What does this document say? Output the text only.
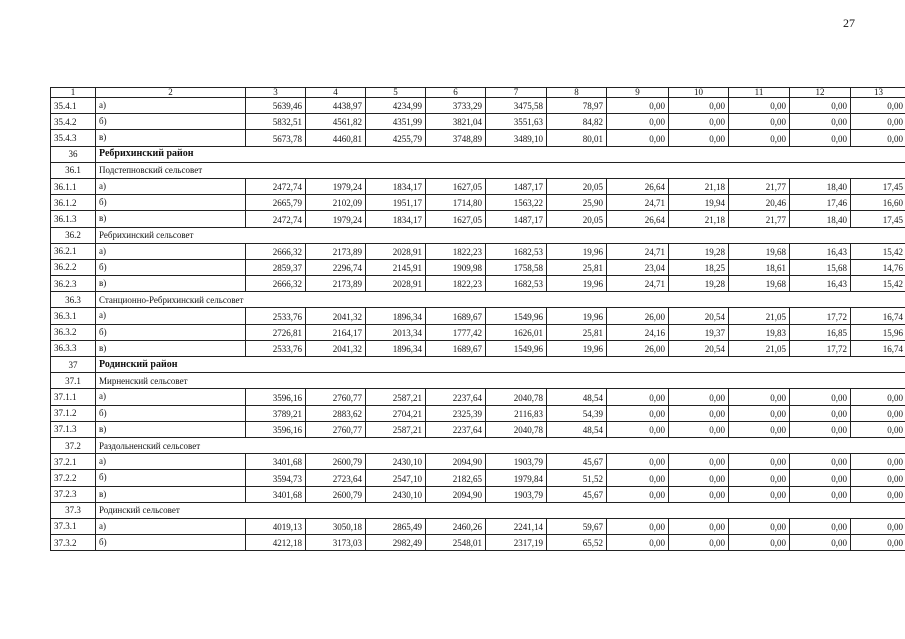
27
1	2	3	4	5	6	7	8	9	10	11	12	13
35.4.1	а)	5639,46	4438,97	4234,99	3733,29	3475,58	78,97	0,00	0,00	0,00	0,00	0,00
35.4.2	б)	5832,51	4561,82	4351,99	3821,04	3551,63	84,82	0,00	0,00	0,00	0,00	0,00
35.4.3	в)	5673,78	4460,81	4255,79	3748,89	3489,10	80,01	0,00	0,00	0,00	0,00	0,00
36	Ребрихинский район											
36.1	Подстепновский сельсовет											
36.1.1	а)	2472,74	1979,24	1834,17	1627,05	1487,17	20,05	26,64	21,18	21,77	18,40	17,45
36.1.2	б)	2665,79	2102,09	1951,17	1714,80	1563,22	25,90	24,71	19,94	20,46	17,46	16,60
36.1.3	в)	2472,74	1979,24	1834,17	1627,05	1487,17	20,05	26,64	21,18	21,77	18,40	17,45
36.2	Ребрихинский сельсовет											
36.2.1	а)	2666,32	2173,89	2028,91	1822,23	1682,53	19,96	24,71	19,28	19,68	16,43	15,42
36.2.2	б)	2859,37	2296,74	2145,91	1909,98	1758,58	25,81	23,04	18,25	18,61	15,68	14,76
36.2.3	в)	2666,32	2173,89	2028,91	1822,23	1682,53	19,96	24,71	19,28	19,68	16,43	15,42
36.3	Станционно-Ребрихинский сельсовет											
36.3.1	а)	2533,76	2041,32	1896,34	1689,67	1549,96	19,96	26,00	20,54	21,05	17,72	16,74
36.3.2	б)	2726,81	2164,17	2013,34	1777,42	1626,01	25,81	24,16	19,37	19,83	16,85	15,96
36.3.3	в)	2533,76	2041,32	1896,34	1689,67	1549,96	19,96	26,00	20,54	21,05	17,72	16,74
37	Родинский район											
37.1	Мирненский сельсовет											
37.1.1	а)	3596,16	2760,77	2587,21	2237,64	2040,78	48,54	0,00	0,00	0,00	0,00	0,00
37.1.2	б)	3789,21	2883,62	2704,21	2325,39	2116,83	54,39	0,00	0,00	0,00	0,00	0,00
37.1.3	в)	3596,16	2760,77	2587,21	2237,64	2040,78	48,54	0,00	0,00	0,00	0,00	0,00
37.2	Раздольненский сельсовет											
37.2.1	а)	3401,68	2600,79	2430,10	2094,90	1903,79	45,67	0,00	0,00	0,00	0,00	0,00
37.2.2	б)	3594,73	2723,64	2547,10	2182,65	1979,84	51,52	0,00	0,00	0,00	0,00	0,00
37.2.3	в)	3401,68	2600,79	2430,10	2094,90	1903,79	45,67	0,00	0,00	0,00	0,00	0,00
37.3	Родинский сельсовет											
37.3.1	а)	4019,13	3050,18	2865,49	2460,26	2241,14	59,67	0,00	0,00	0,00	0,00	0,00
37.3.2	б)	4212,18	3173,03	2982,49	2548,01	2317,19	65,52	0,00	0,00	0,00	0,00	0,00
